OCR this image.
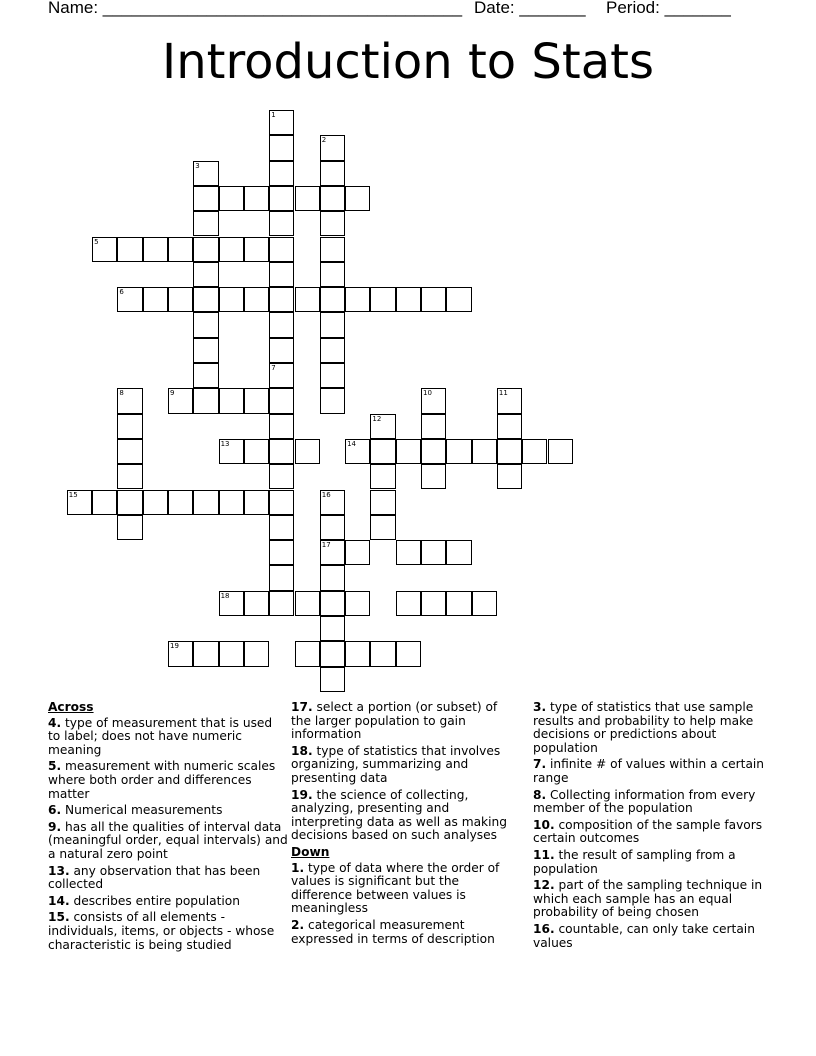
Name: ______________________________________ Date: _______ Period: _______
Introduction to Stats
1
7
2
3
5
6
8	9	10	11
12
13	14
15	16
17
18
19
Across
4. type of measurement that is used to label; does not have numeric meaning
5. measurement with numeric scales where both order and differences matter
6. Numerical measurements
9. has all the qualities of interval data (meaningful order, equal intervals) and a natural zero point
13. any observation that has been collected
14. describes entire population
15. consists of all elements - individuals, items, or objects - whose characteristic is being studied
17. select a portion (or subset) of the larger population to gain information
18. type of statistics that involves organizing, summarizing and presenting data
19. the science of collecting, analyzing, presenting and interpreting data as well as making decisions based on such analyses
Down
1. type of data where the order of values is significant but the difference between values is meaningless
2. categorical measurement expressed in terms of description
3. type of statistics that use sample results and probability to help make decisions or predictions about population
7. infinite # of values within a certain range
8. Collecting information from every member of the population
10. composition of the sample favors certain outcomes
11. the result of sampling from a population
12. part of the sampling technique in which each sample has an equal probability of being chosen
16. countable, can only take certain values
